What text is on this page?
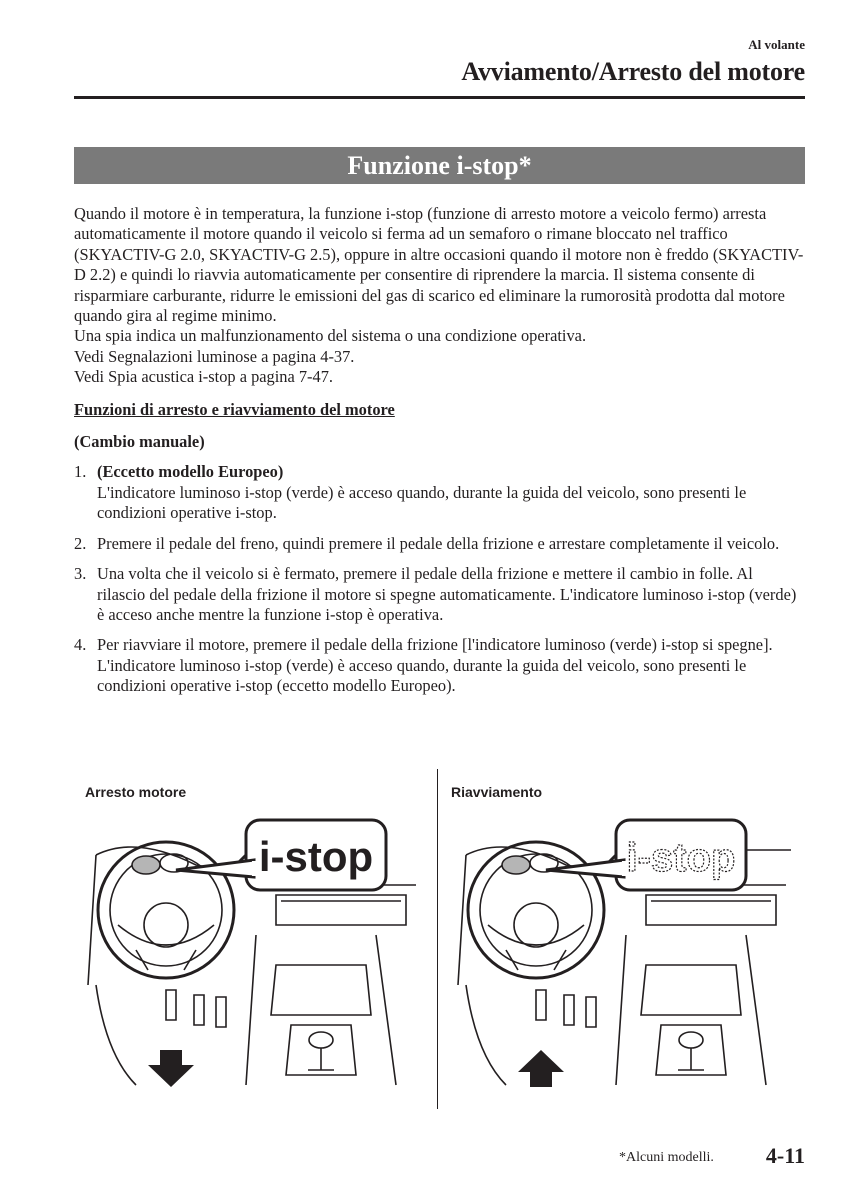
Al volante
Avviamento/Arresto del motore
Funzione i-stop*

Quando il motore è in temperatura, la funzione i-stop (funzione di arresto motore a veicolo fermo) arresta automaticamente il motore quando il veicolo si ferma ad un semaforo o rimane bloccato nel traffico (SKYACTIV-G 2.0, SKYACTIV-G 2.5), oppure in altre occasioni quando il motore non è freddo (SKYACTIV-D 2.2) e quindi lo riavvia automaticamente per consentire di riprendere la marcia. Il sistema consente di risparmiare carburante, ridurre le emissioni del gas di scarico ed eliminare la rumorosità prodotta dal motore quando gira al regime minimo.

Una spia indica un malfunzionamento del sistema o una condizione operativa.

Vedi Segnalazioni luminose a pagina 4-37.

Vedi Spia acustica i-stop a pagina 7-47.

Funzioni di arresto e riavviamento del motore

(Cambio manuale)

1. (Eccetto modello Europeo)
L'indicatore luminoso i-stop (verde) è acceso quando, durante la guida del veicolo, sono presenti le condizioni operative i-stop.
2. Premere il pedale del freno, quindi premere il pedale della frizione e arrestare completamente il veicolo.
3. Una volta che il veicolo si è fermato, premere il pedale della frizione e mettere il cambio in folle. Al rilascio del pedale della frizione il motore si spegne automaticamente. L'indicatore luminoso i-stop (verde) è acceso anche mentre la funzione i-stop è operativa.
4. Per riavviare il motore, premere il pedale della frizione [l'indicatore luminoso (verde) i-stop si spegne]. L'indicatore luminoso i-stop (verde) è acceso quando, durante la guida del veicolo, sono presenti le condizioni operative i-stop (eccetto modello Europeo).
Arresto motore	Riavviamento
i-stop	i-stop
*Alcuni modelli. 4-11
